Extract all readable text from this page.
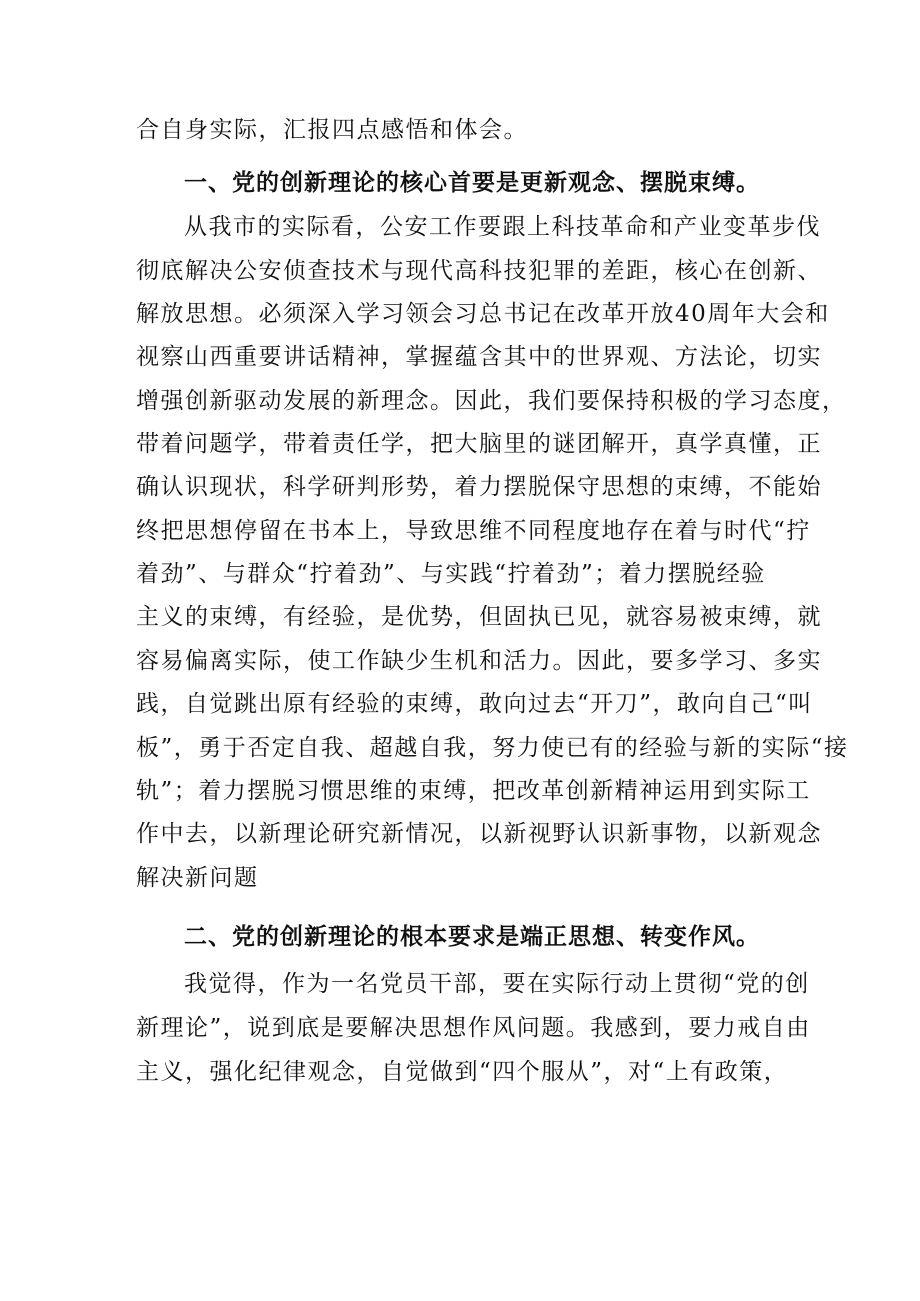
合自身实际，汇报四点感悟和体会。

一、党的创新理论的核心首要是更新观念、摆脱束缚。

从我市的实际看，公安工作要跟上科技革命和产业变革步伐

彻底解决公安侦查技术与现代高科技犯罪的差距，核心在创新、

解放思想。必须深入学习领会习总书记在改革开放40周年大会和

视察山西重要讲话精神，掌握蕴含其中的世界观、方法论，切实

增强创新驱动发展的新理念。因此，我们要保持积极的学习态度，

带着问题学，带着责任学，把大脑里的谜团解开，真学真懂，正

确认识现状，科学研判形势，着力摆脱保守思想的束缚，不能始

终把思想停留在书本上，导致思维不同程度地存在着与时代“拧

着劲”、与群众“拧着劲”、与实践“拧着劲”；着力摆脱经验

主义的束缚，有经验，是优势，但固执已见，就容易被束缚，就

容易偏离实际，使工作缺少生机和活力。因此，要多学习、多实

践，自觉跳出原有经验的束缚，敢向过去“开刀”，敢向自己“叫

板”，勇于否定自我、超越自我，努力使已有的经验与新的实际“接

轨”；着力摆脱习惯思维的束缚，把改革创新精神运用到实际工

作中去，以新理论研究新情况，以新视野认识新事物，以新观念

解决新问题

二、党的创新理论的根本要求是端正思想、转变作风。

我觉得，作为一名党员干部，要在实际行动上贯彻“党的创

新理论”，说到底是要解决思想作风问题。我感到，要力戒自由

主义，强化纪律观念，自觉做到“四个服从”，对“上有政策，
